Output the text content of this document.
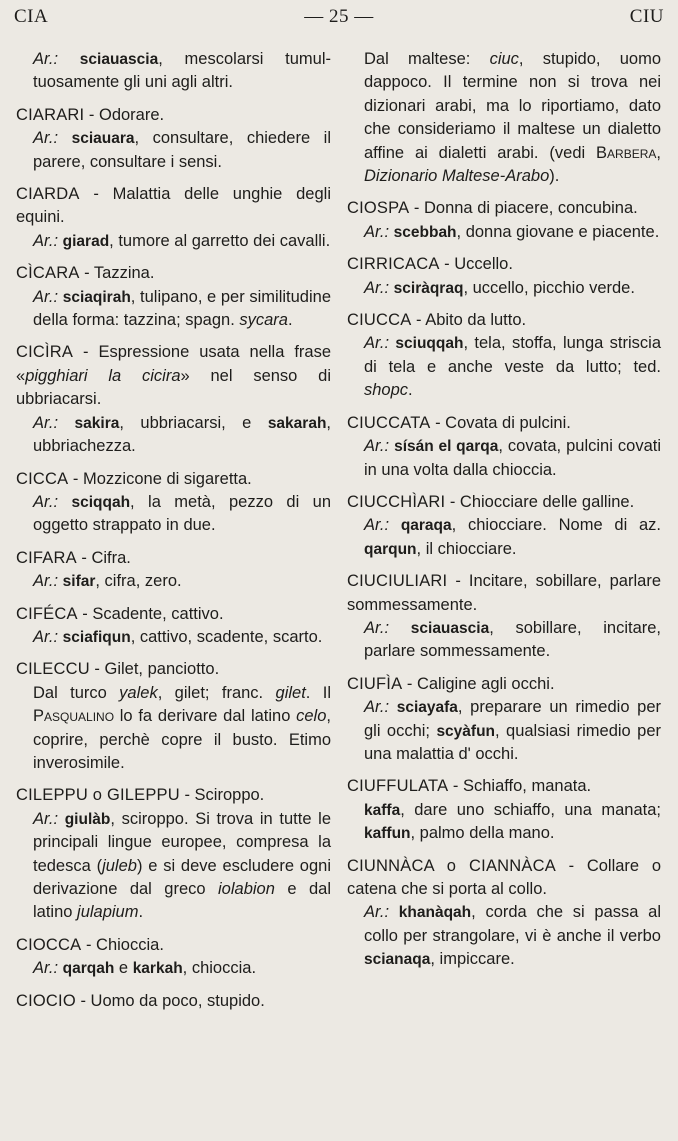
CIA	— 25 —	CIU
Ar.: sciauascia, mescolarsi tumul- tuosamente gli uni agli altri.
CIARARI - Odorare.
Ar.: sciauara, consultare, chiedere il parere, consultare i sensi.
CIARDA - Malattia delle unghie degli equini.
Ar.: giarad, tumore al garretto dei cavalli.
CÌCARA - Tazzina.
Ar.: sciaqirah, tulipano, e per similitudine della forma: tazzina; spagn. sycara.
CICÌRA - Espressione usata nella frase «pigghiari la cicira» nel senso di ubbriacarsi.
Ar.: sakira, ubbriacarsi, e sakarah, ubbriachezza.
CICCA - Mozzicone di sigaretta.
Ar.: sciqqah, la metà, pezzo di un oggetto strappato in due.
CIFARA - Cifra.
Ar.: sifar, cifra, zero.
CIFÉCA - Scadente, cattivo.
Ar.: sciafiqun, cattivo, scadente, scarto.
CILECCU - Gilet, panciotto.
Dal turco yalek, gilet; franc. gilet. Il Pasqualino lo fa derivare dal latino celo, coprire, perchè copre il busto. Etimo inverosimile.
CILEPPU o GILEPPU - Sciroppo.
Ar.: giulàb, sciroppo. Si trova in tutte le principali lingue europee, compresa la tedesca (juleb) e si deve escludere ogni derivazione dal greco iolabion e dal latino julapium.
CIOCCA - Chioccia.
Ar.: qarqah e karkah, chioccia.
CIOCIO - Uomo da poco, stupido.
Dal maltese: ciuc, stupido, uomo dappoco. Il termine non si trova nei dizionari arabi, ma lo riportiamo, dato che consideriamo il maltese un dialetto affine ai dialetti arabi. (vedi Barbera, Dizionario Maltese-Arabo).
CIOSPA - Donna di piacere, concubina.
Ar.: scebbah, donna giovane e piacente.
CIRRICACA - Uccello.
Ar.: sciràqraq, uccello, picchio verde.
CIUCCA - Abito da lutto.
Ar.: sciuqqah, tela, stoffa, lunga striscia di tela e anche veste da lutto; ted. shopc.
CIUCCATA - Covata di pulcini.
Ar.: sísán el qarqa, covata, pulcini covati in una volta dalla chioccia.
CIUCCHÌARI - Chiocciare delle galline.
Ar.: qaraqa, chiocciare. Nome di az. qarqun, il chiocciare.
CIUCIULIARI - Incitare, sobillare, parlare sommessamente.
Ar.: sciauascia, sobillare, incitare, parlare sommessamente.
CIUFÌA - Caligine agli occhi.
Ar.: sciayafa, preparare un rimedio per gli occhi; scyàfun, qualsiasi rimedio per una malattia d' occhi.
CIUFFULATA - Schiaffo, manata.
kaffa, dare uno schiaffo, una manata; kaffun, palmo della mano.
CIUNNÀCA o CIANNÀCA - Collare o catena che si porta al collo.
Ar.: khanàqah, corda che si passa al collo per strangolare, vi è anche il verbo scianaqa, impiccare.
